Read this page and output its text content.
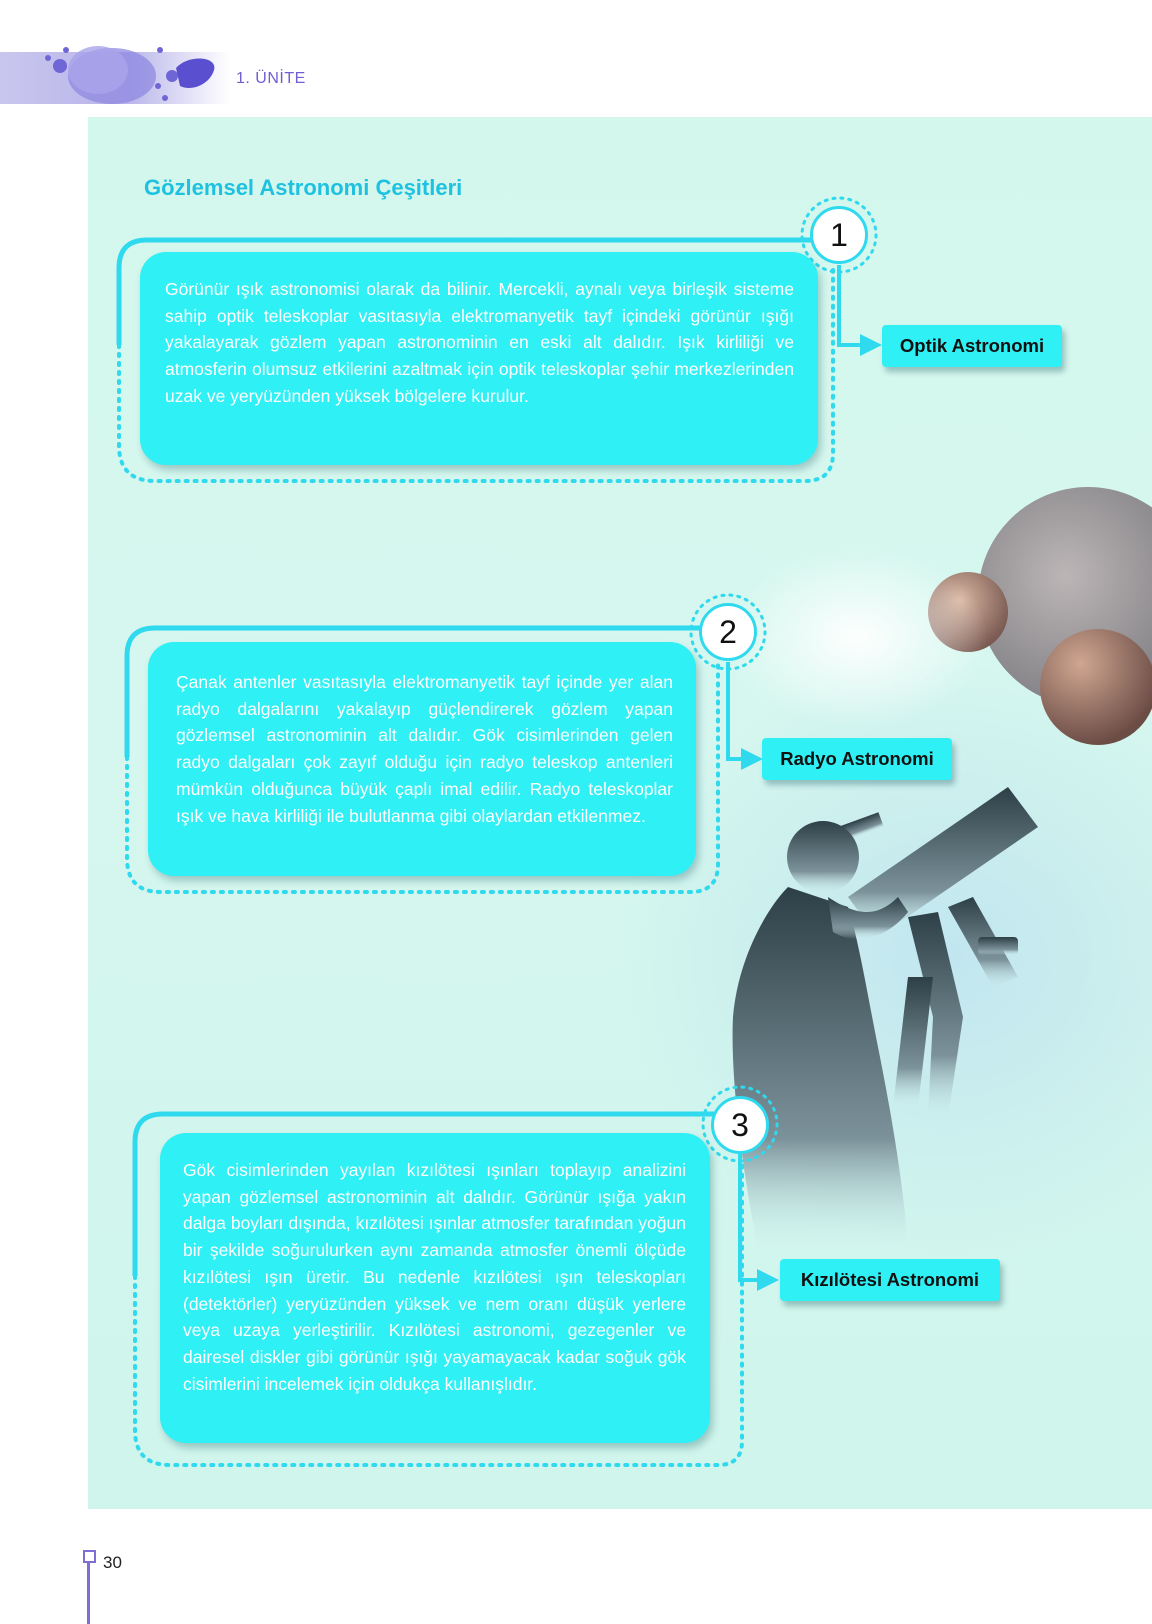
1. ÜNİTE
Gözlemsel Astronomi Çeşitleri

Görünür ışık astronomisi olarak da bilinir. Mercekli, aynalı veya birleşik sisteme sahip optik teleskoplar vasıtasıyla elektromanyetik tayf içindeki görünür ışığı yakalayarak gözlem yapan astronominin en eski alt dalıdır. Işık kirliliği ve atmosferin olumsuz etkilerini azaltmak için optik teleskoplar şehir merkezlerinden uzak ve yeryüzünden yüksek bölgelere kurulur.

1
Optik Astronomi

Çanak antenler vasıtasıyla elektromanyetik tayf içinde yer alan radyo dalgalarını yakalayıp güçlendirerek gözlem yapan gözlemsel astronominin alt dalıdır. Gök cisimlerinden gelen radyo dalgaları çok zayıf olduğu için radyo teleskop antenleri mümkün olduğunca büyük çaplı imal edilir. Radyo teleskoplar ışık ve hava kirliliği ile bulutlanma gibi olaylardan etkilenmez.

2
Radyo Astronomi

Gök cisimlerinden yayılan kızılötesi ışınları toplayıp analizini yapan gözlemsel astronominin alt dalıdır. Görünür ışığa yakın dalga boyları dışında, kızılötesi ışınlar atmosfer tarafından yoğun bir şekilde soğurulurken aynı zamanda atmosfer önemli ölçüde kızılötesi ışın üretir. Bu nedenle kızılötesi ışın teleskopları (detektörler) yeryüzünden yüksek ve nem oranı düşük yerlere veya uzaya yerleştirilir. Kızılötesi astronomi, gezegenler ve dairesel diskler gibi görünür ışığı yayamayacak kadar soğuk gök cisimlerini incelemek için oldukça kullanışlıdır.

3
Kızılötesi Astronomi
30
